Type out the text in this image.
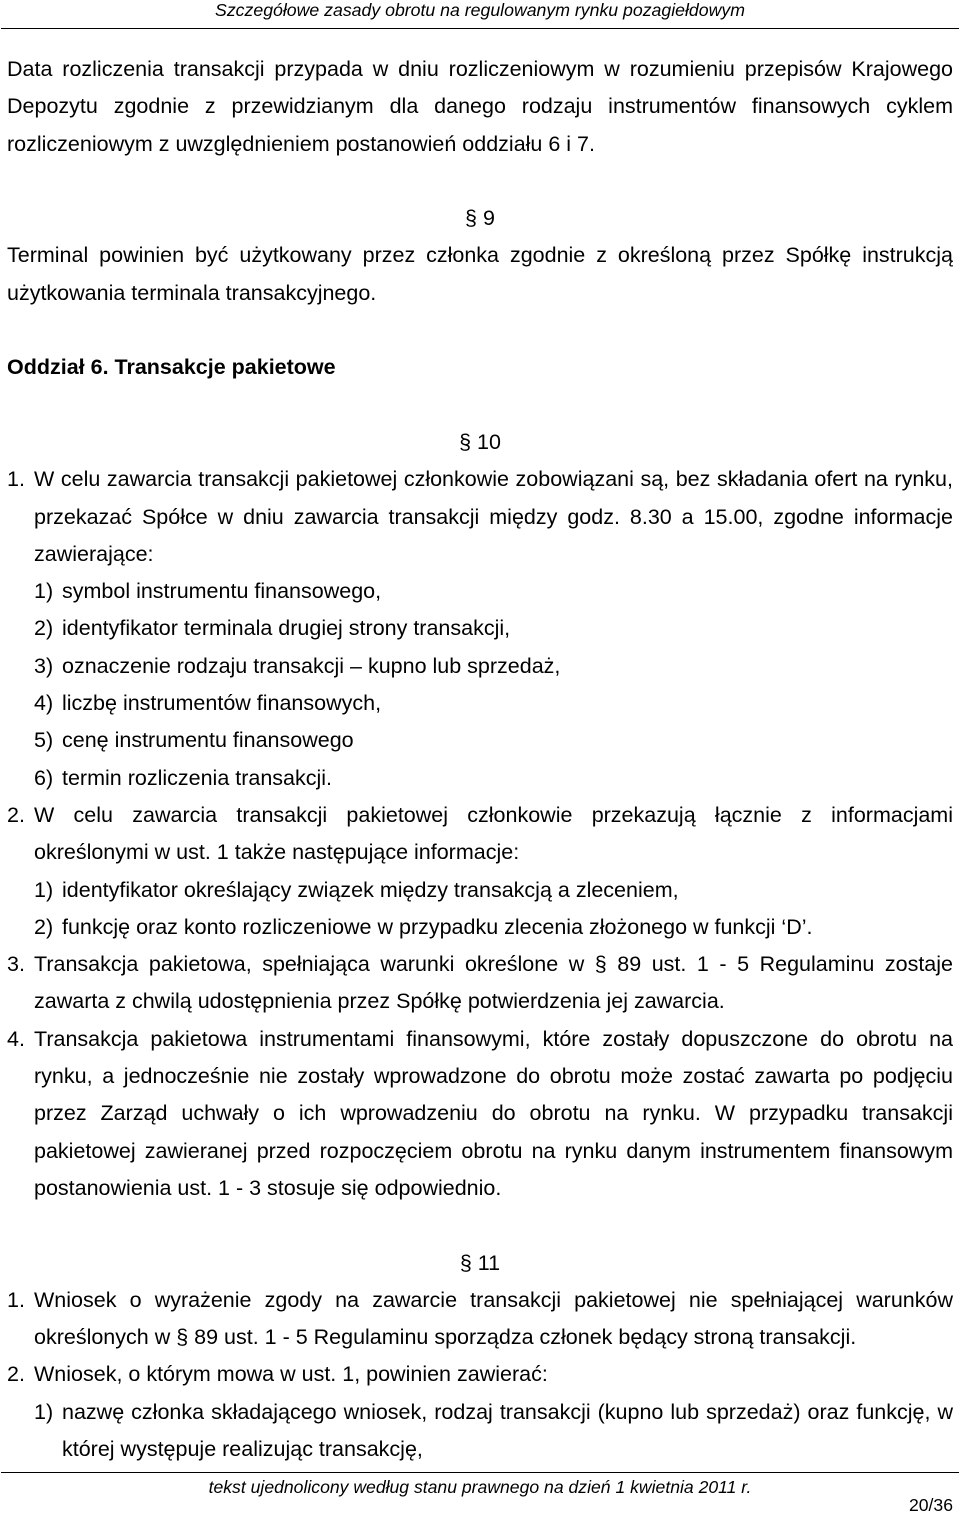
Szczegółowe zasady obrotu na regulowanym rynku pozagiełdowym
Data rozliczenia transakcji przypada w dniu rozliczeniowym w rozumieniu przepisów Krajowego
Depozytu zgodnie z przewidzianym dla danego rodzaju instrumentów finansowych cyklem
rozliczeniowym z uwzględnieniem postanowień oddziału 6 i 7.
§ 9
Terminal powinien być użytkowany przez członka zgodnie z określoną przez Spółkę instrukcją
użytkowania terminala transakcyjnego.
Oddział 6. Transakcje pakietowe
§ 10
1. W celu zawarcia transakcji pakietowej członkowie zobowiązani są, bez składania ofert na rynku,
przekazać Spółce w dniu zawarcia transakcji między godz. 8.30 a 15.00, zgodne informacje
zawierające:
1) symbol instrumentu finansowego,
2) identyfikator terminala drugiej strony transakcji,
3) oznaczenie rodzaju transakcji – kupno lub sprzedaż,
4) liczbę instrumentów finansowych,
5) cenę instrumentu finansowego
6) termin rozliczenia transakcji.
2. W celu zawarcia transakcji pakietowej członkowie przekazują łącznie z informacjami
określonymi w ust. 1 także następujące informacje:
1) identyfikator określający związek między transakcją a zleceniem,
2) funkcję oraz konto rozliczeniowe w przypadku zlecenia złożonego w funkcji ‘D’.
3. Transakcja pakietowa, spełniająca warunki określone w § 89 ust. 1 - 5 Regulaminu zostaje
zawarta z chwilą udostępnienia przez Spółkę potwierdzenia jej zawarcia.
4. Transakcja pakietowa instrumentami finansowymi, które zostały dopuszczone do obrotu na
rynku, a jednocześnie nie zostały wprowadzone do obrotu może zostać zawarta po podjęciu
przez Zarząd uchwały o ich wprowadzeniu do obrotu na rynku. W przypadku transakcji
pakietowej zawieranej przed rozpoczęciem obrotu na rynku danym instrumentem finansowym
postanowienia ust. 1 - 3 stosuje się odpowiednio.
§ 11
1. Wniosek o wyrażenie zgody na zawarcie transakcji pakietowej nie spełniającej warunków
określonych w § 89 ust. 1 - 5 Regulaminu sporządza członek będący stroną transakcji.
2. Wniosek, o którym mowa w ust. 1, powinien zawierać:
1) nazwę członka składającego wniosek, rodzaj transakcji (kupno lub sprzedaż) oraz funkcję, w
której występuje realizując transakcję,
tekst ujednolicony według stanu prawnego na dzień 1 kwietnia 2011 r.
20/36
